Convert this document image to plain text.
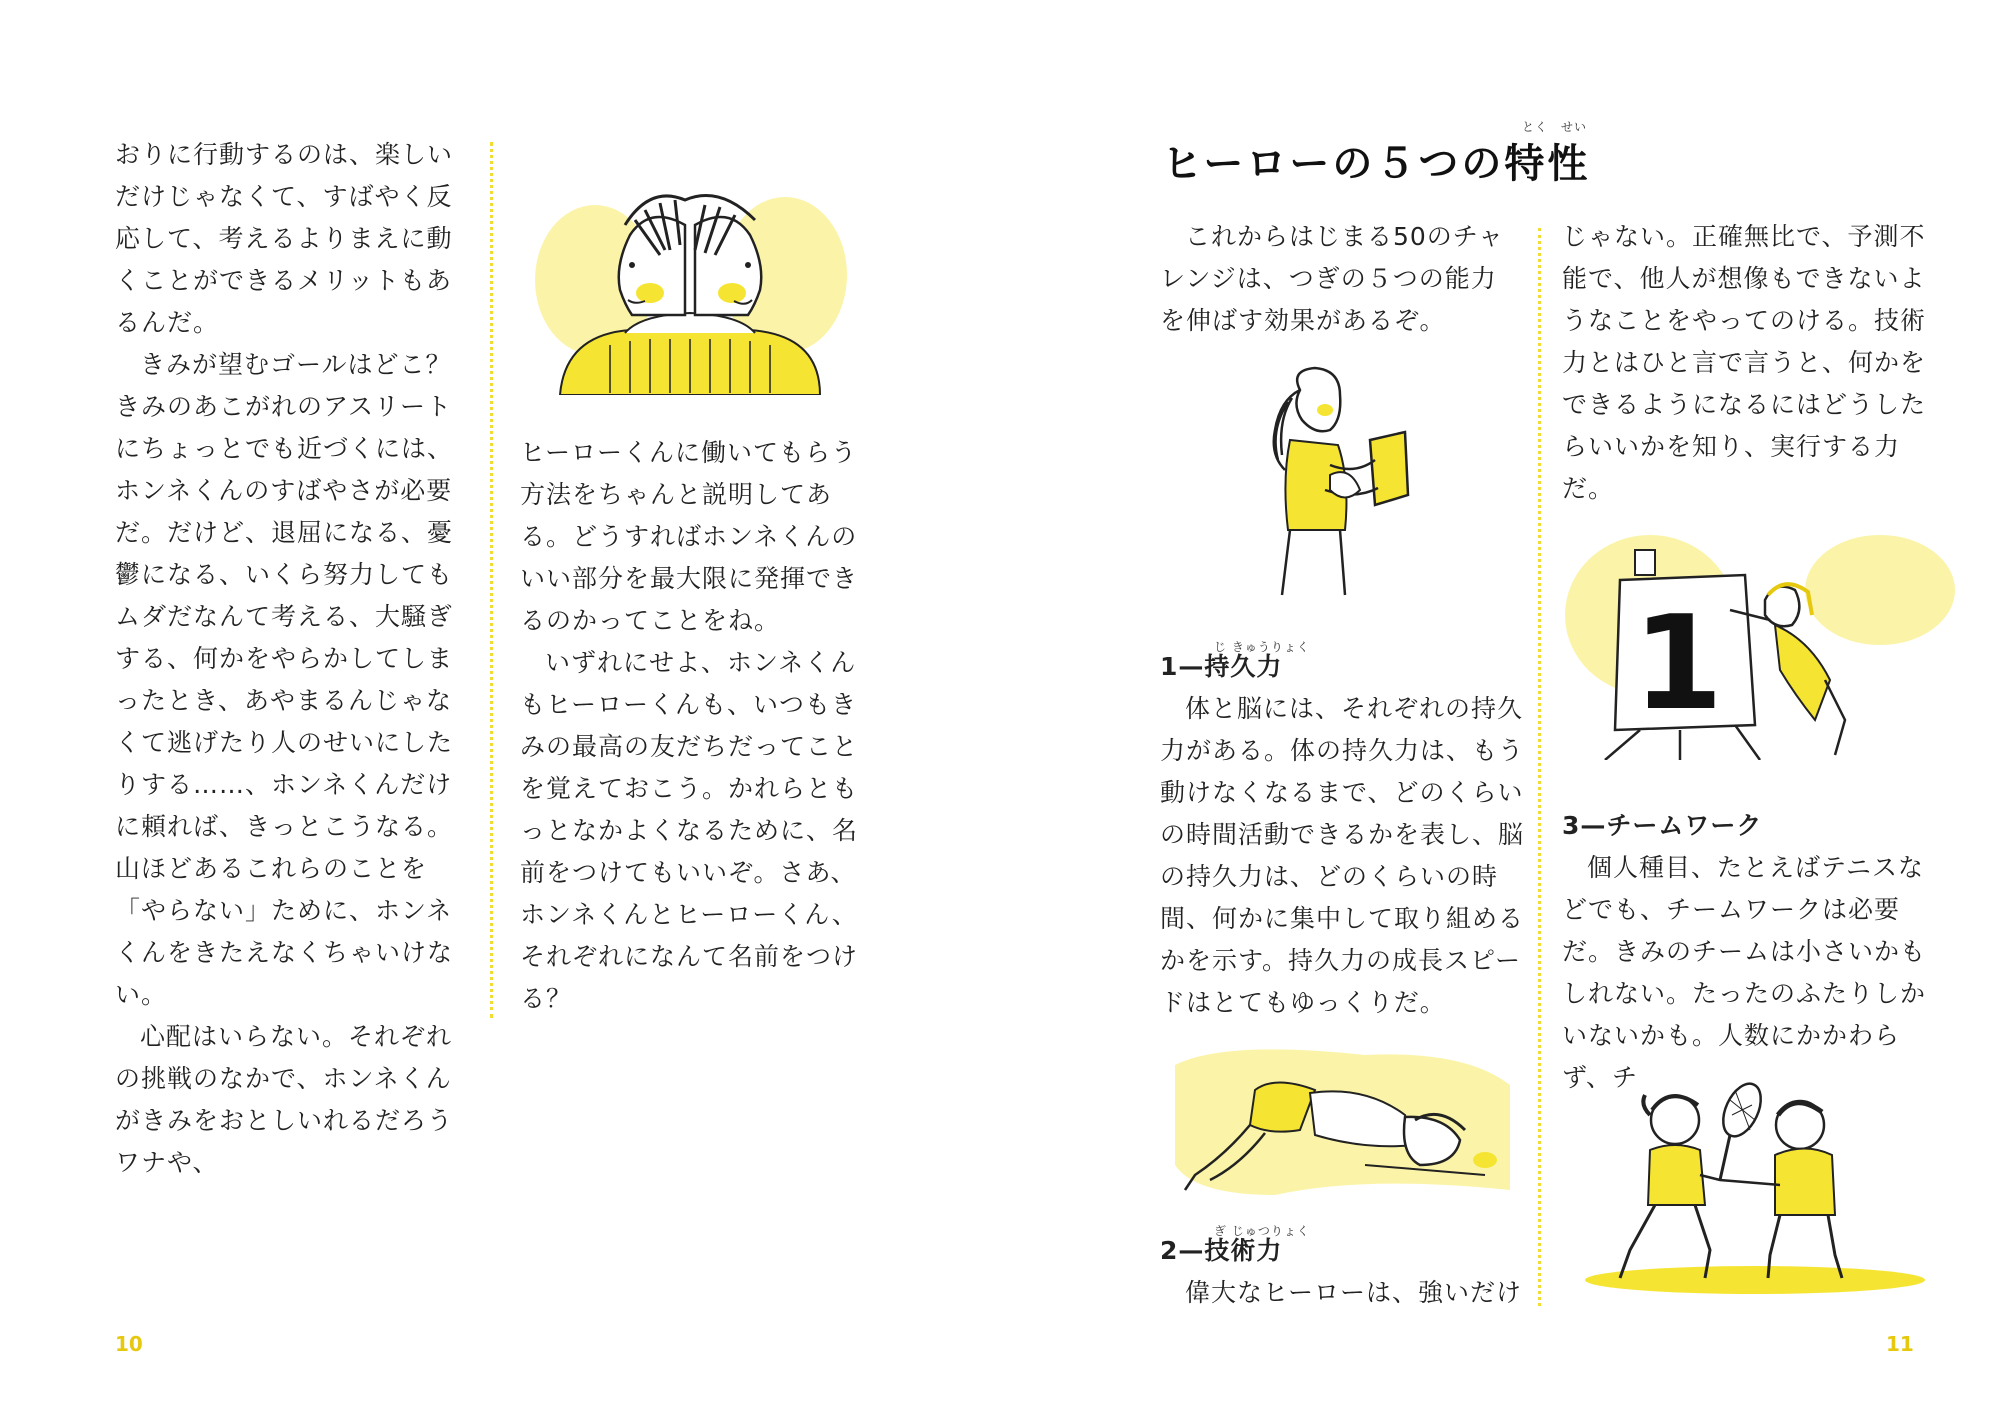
おりに行動するのは、楽しいだけじゃなくて、すばやく反応して、考えるよりまえに動くことができるメリットもあるんだ。

きみが望むゴールはどこ？きみのあこがれのアスリートにちょっとでも近づくには、ホンネくんのすばやさが必要だ。だけど、退屈になる、憂鬱になる、いくら努力してもムダだなんて考える、大騒ぎする、何かをやらかしてしまったとき、あやまるんじゃなくて逃げたり人のせいにしたりする……、ホンネくんだけに頼れば、きっとこうなる。山ほどあるこれらのことを「やらない」ために、ホンネくんをきたえなくちゃいけない。

心配はいらない。それぞれの挑戦のなかで、ホンネくんがきみをおとしいれるだろうワナや、

ヒーローくんに働いてもらう方法をちゃんと説明してある。どうすればホンネくんのいい部分を最大限に発揮できるのかってことをね。

いずれにせよ、ホンネくんもヒーローくんも、いつもきみの最高の友だちだってことを覚えておこう。かれらともっとなかよくなるために、名前をつけてもいいぞ。さあ、ホンネくんとヒーローくん、それぞれになんて名前をつける？

10
とく　せい
ヒーローの５つの特性

これからはじまる50のチャレンジは、つぎの５つの能力を伸ばす効果があるぞ。

じ きゅうりょく

1—持久力

体と脳には、それぞれの持久力がある。体の持久力は、もう動けなくなるまで、どのくらいの時間活動できるかを表し、脳の持久力は、どのくらいの時間、何かに集中して取り組めるかを示す。持久力の成長スピードはとてもゆっくりだ。

ぎ じゅつりょく

2—技術力

偉大なヒーローは、強いだけ

じゃない。正確無比で、予測不能で、他人が想像もできないようなことをやってのける。技術力とはひと言で言うと、何かをできるようになるにはどうしたらいいかを知り、実行する力だ。

1

3—チームワーク

個人種目、たとえばテニスなどでも、チームワークは必要だ。きみのチームは小さいかもしれない。たったのふたりしかいないかも。人数にかかわらず、チ

11
